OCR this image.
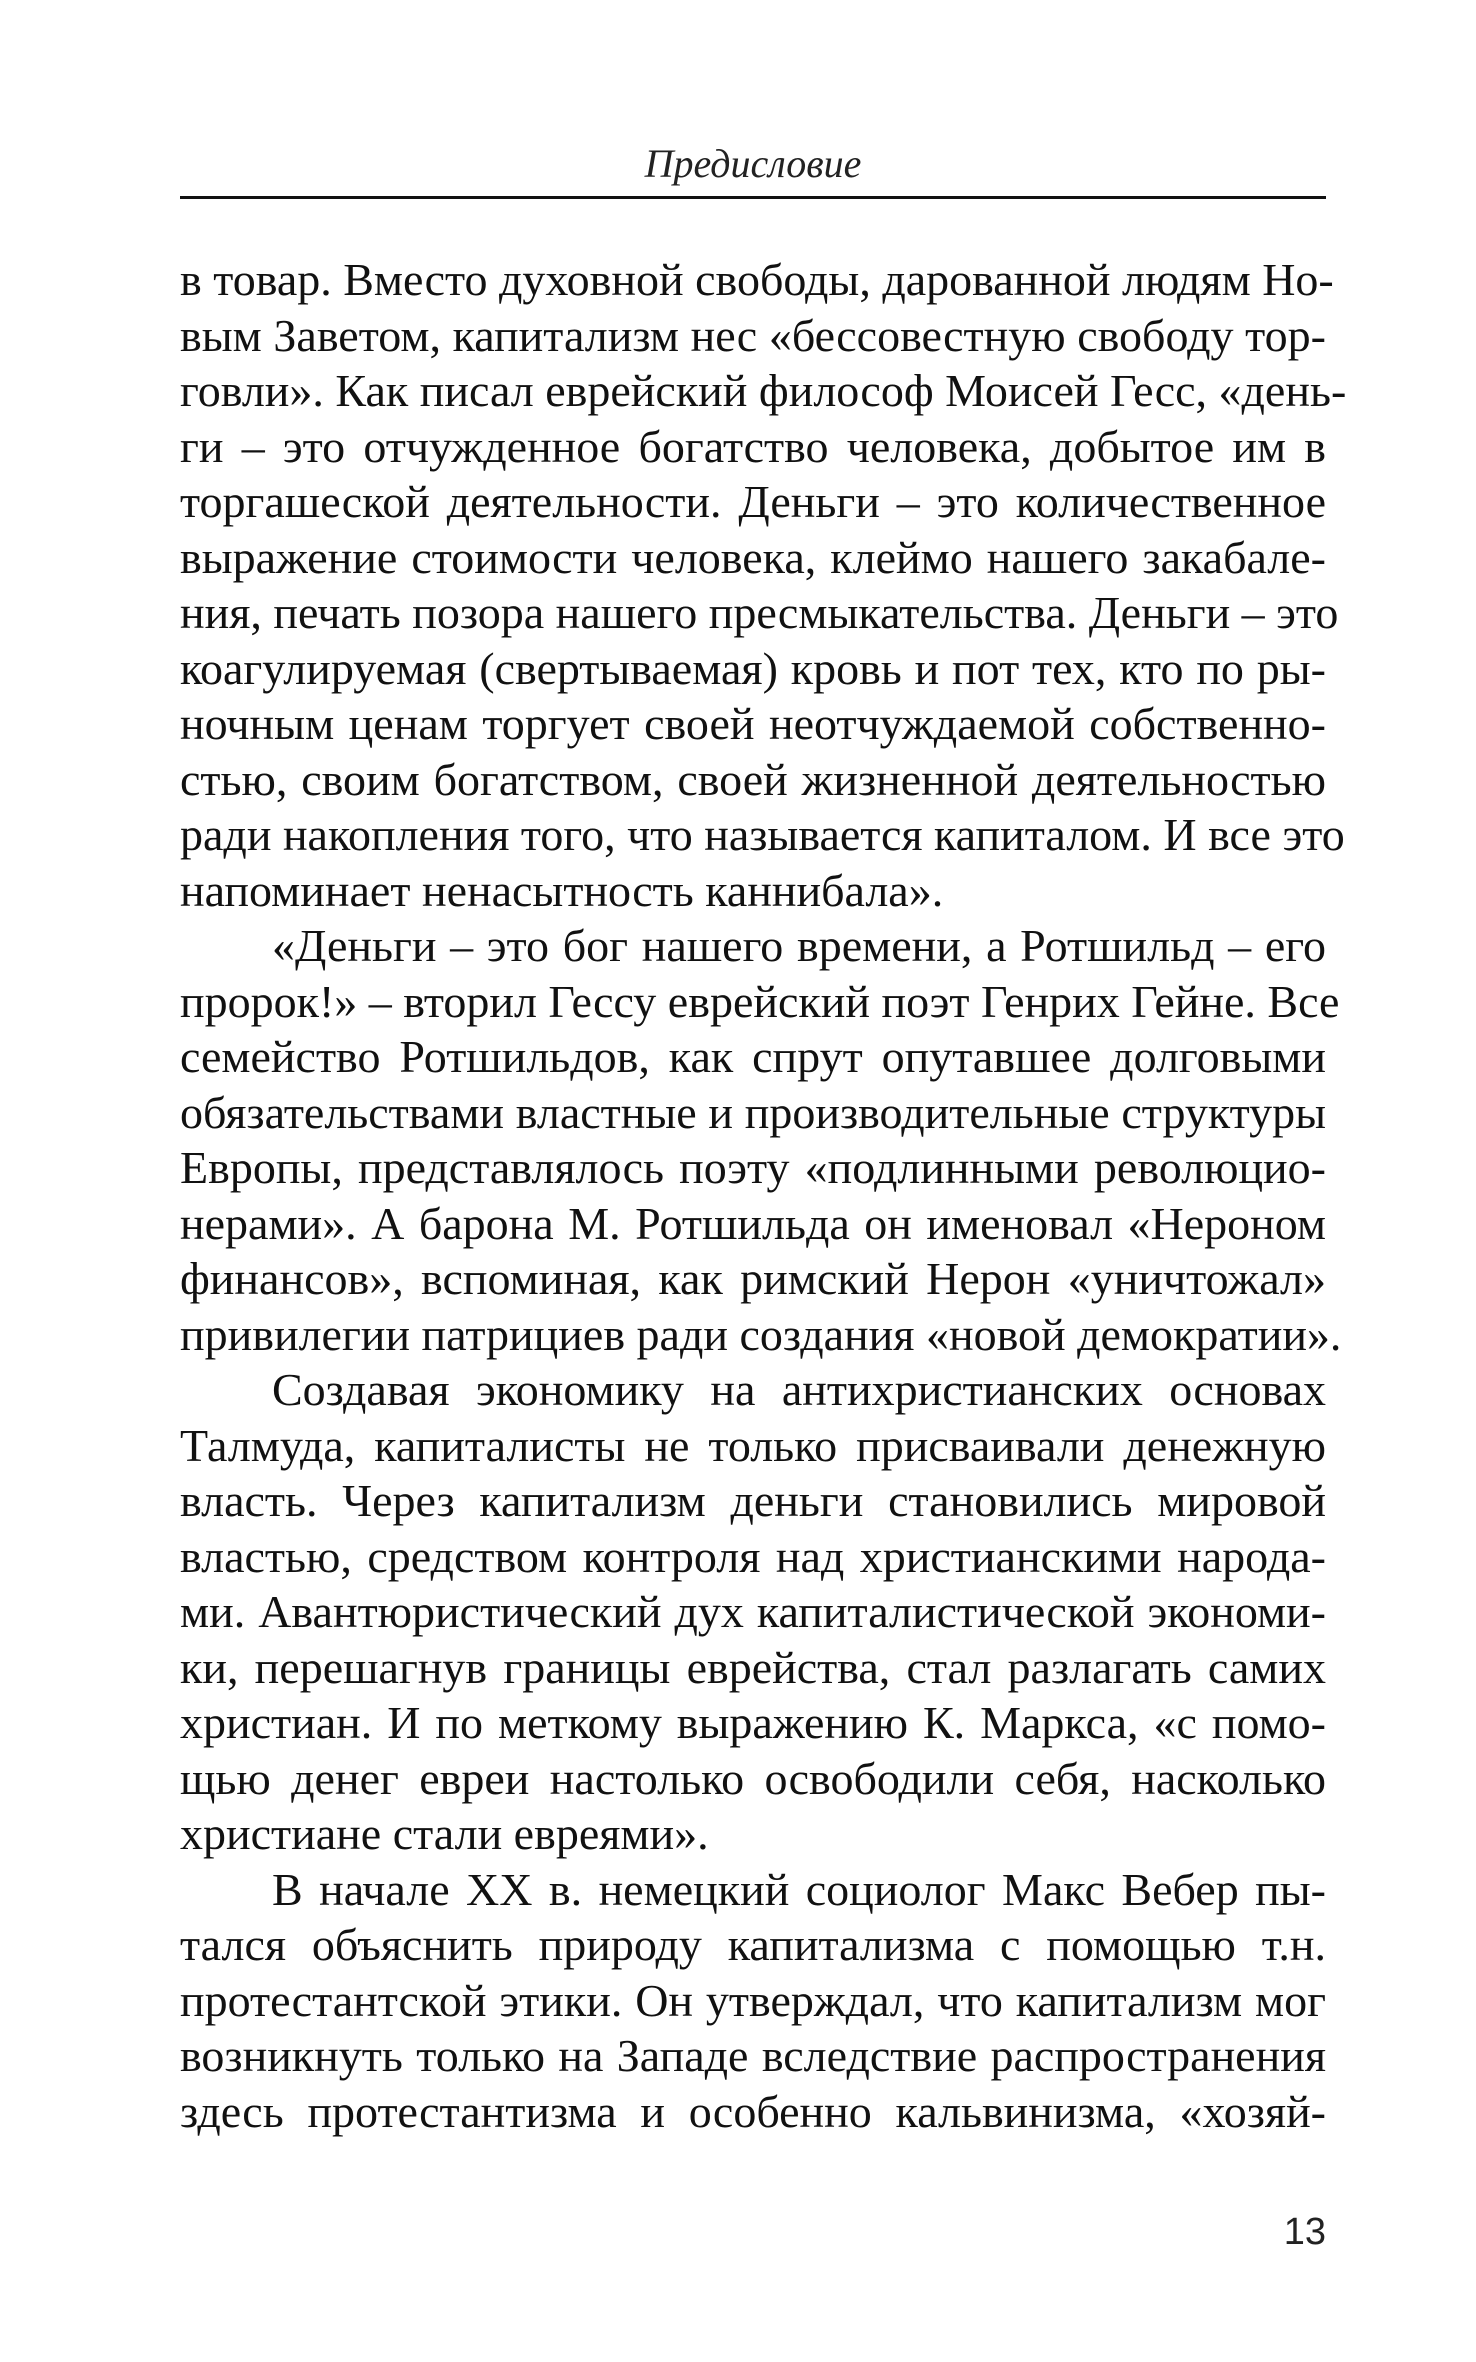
Предисловие
в товар. Вместо духовной свободы, дарованной людям Но-
вым Заветом, капитализм нес «бессовестную свободу тор-
говли». Как писал еврейский философ Моисей Гесс, «день-
ги – это отчужденное богатство человека, добытое им в
торгашеской деятельности. Деньги – это количественное
выражение стоимости человека, клеймо нашего закабале-
ния, печать позора нашего пресмыкательства. Деньги – это
коагулируемая (свертываемая) кровь и пот тех, кто по ры-
ночным ценам торгует своей неотчуждаемой собственно-
стью, своим богатством, своей жизненной деятельностью
ради накопления того, что называется капиталом. И все это
напоминает ненасытность каннибала».
«Деньги – это бог нашего времени, а Ротшильд – его
пророк!» – вторил Гессу еврейский поэт Генрих Гейне. Все
семейство Ротшильдов, как спрут опутавшее долговыми
обязательствами властные и производительные структуры
Европы, представлялось поэту «подлинными революцио-
нерами». А барона М. Ротшильда он именовал «Нероном
финансов», вспоминая, как римский Нерон «уничтожал»
привилегии патрициев ради создания «новой демократии».
Создавая экономику на антихристианских основах
Талмуда, капиталисты не только присваивали денежную
власть. Через капитализм деньги становились мировой
властью, средством контроля над христианскими народа-
ми. Авантюристический дух капиталистической экономи-
ки, перешагнув границы еврейства, стал разлагать самих
христиан. И по меткому выражению К. Маркса, «с помо-
щью денег евреи настолько освободили себя, насколько
христиане стали евреями».
В начале XX в. немецкий социолог Макс Вебер пы-
тался объяснить природу капитализма с помощью т.н.
протестантской этики. Он утверждал, что капитализм мог
возникнуть только на Западе вследствие распространения
здесь протестантизма и особенно кальвинизма, «хозяй-
13
